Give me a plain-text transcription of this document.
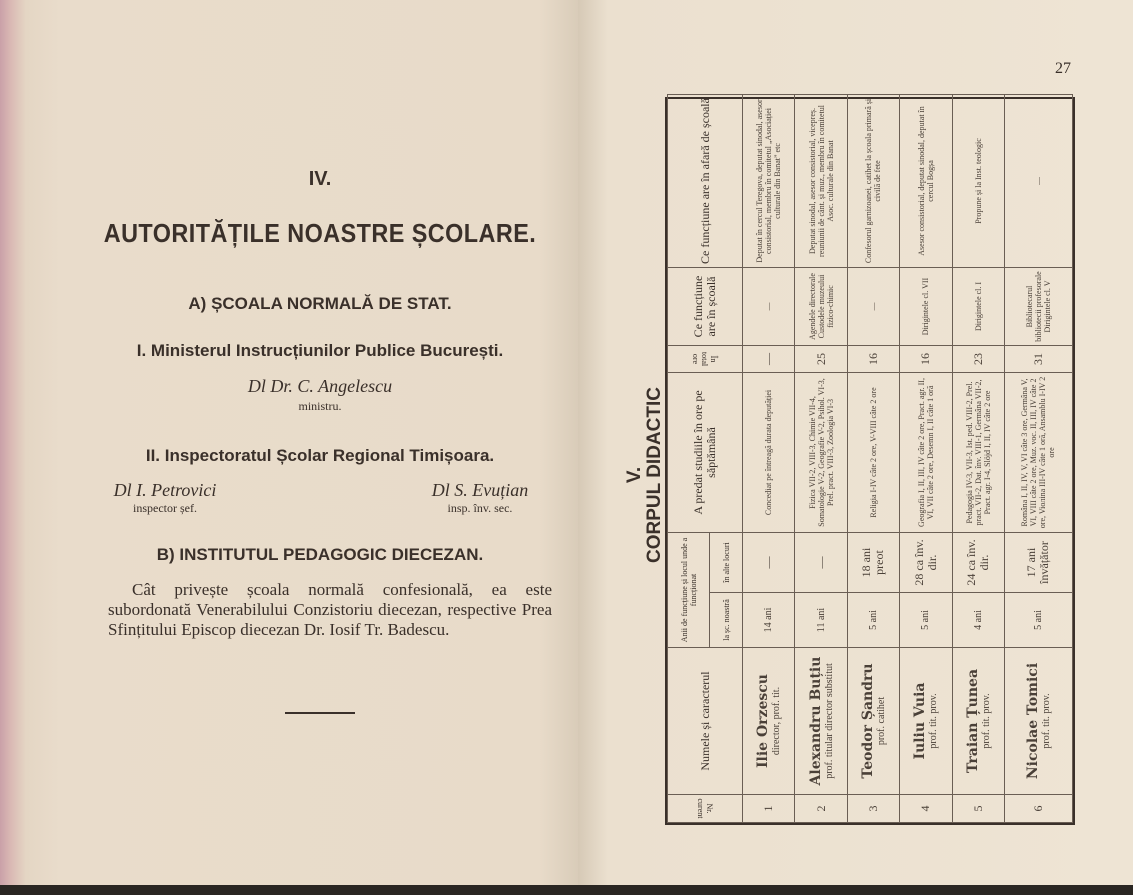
IV.
AUTORITĂȚILE NOASTRE ȘCOLARE.
A) ȘCOALA NORMALĂ DE STAT.
I. Ministerul Instrucțiunilor Publice București.
Dl Dr. C. Angelescu
ministru.
II. Inspectoratul Școlar Regional Timișoara.
Dl I. Petrovici
inspector șef.
Dl S. Evuțian
insp. înv. sec.
B) INSTITUTUL PEDAGOGIC DIECEZAN.
Cât privește școala normală confesională, ea este subordonată Venerabilului Conzistoriu diecezan, respective Prea Sfințitului Episcop diecezan Dr. Iosif Tr. Badescu.
27
V. CORPUL DIDACTIC
Nr. curent	Numele și caracterul	Anii de funcțiune și locul unde a funcționat		A predat studiile în ore pe săptămână	În total ore	Ce funcțiune are în școală	Ce funcțiune are în afară de școală
		la șc. noastră	în alte locuri				
1	Ilie Orzescu director, prof. tit.	14 ani	—	Concediat pe întreagă durata deputăției	—	—	Deputat în cercul Teregova, deputat sinodal, asesor consistorial, membru în comitetul „Asociației culturale din Banat” etc
2	Alexandru Buțiu prof. titular director substitut	11 ani	—	Fizica VII-2, VIII-3, Chimie VII-4, Somatologie V-2, Geografie V-2, Psihol. VI-3, Prel. pract. VIII-3, Zoologia VI-3	25	Agendele directorale Custodele muzeului fizico-chimic	Deputat sinodal, asesor consistorial, vicepreș. reuniunii de cânt. și muz., membru în comitetul Asoc. culturale din Banat
3	Teodor Șandru prof. catihet	5 ani	18 ani preot	Religia I-IV câte 2 ore, V-VIII câte 2 ore	16	—	Confesorul garnizoanei, catihet la școala primară și civilă de fete
4	Iuliu Vuia prof. tit. prov.	5 ani	28 ca înv. dir.	Geografia I, II, III, IV câte 2 ore, Pract. agr. II, VI, VII câte 2 ore, Desemn I, II câte 1 oră	16	Dirigintele cl. VII	Asesor consistorial, deputat sinodal, deputat în cercul Bogșa
5	Traian Țunea prof. tit. prov.	4 ani	24 ca înv. dir.	Pedagogia IV-3, VII-3, Ist. ped. VIII-2, Prel. pract. VII-2, Dat. înv. VIII-1, Germâna VII-2, Pract. agr. I-4, Slöjd I, II, IV câte 2 ore	23	Dirigintele cl. I	Propune și la Inst. teologic
6	Nicolae Tomici prof. tit. prov.	5 ani	17 ani învățător	Româna I, II, IV, V, VI câte 3 ore, Germâna V, VI, VIII câte 2 ore, Muz. voc. II, III, IV câte 2 ore, Vioлina III-IV câte 1 oră, Ansamblu I-IV 2 ore	31	Bibliotecarul bibliotecii profesorale Dirigintele cl. V	—
